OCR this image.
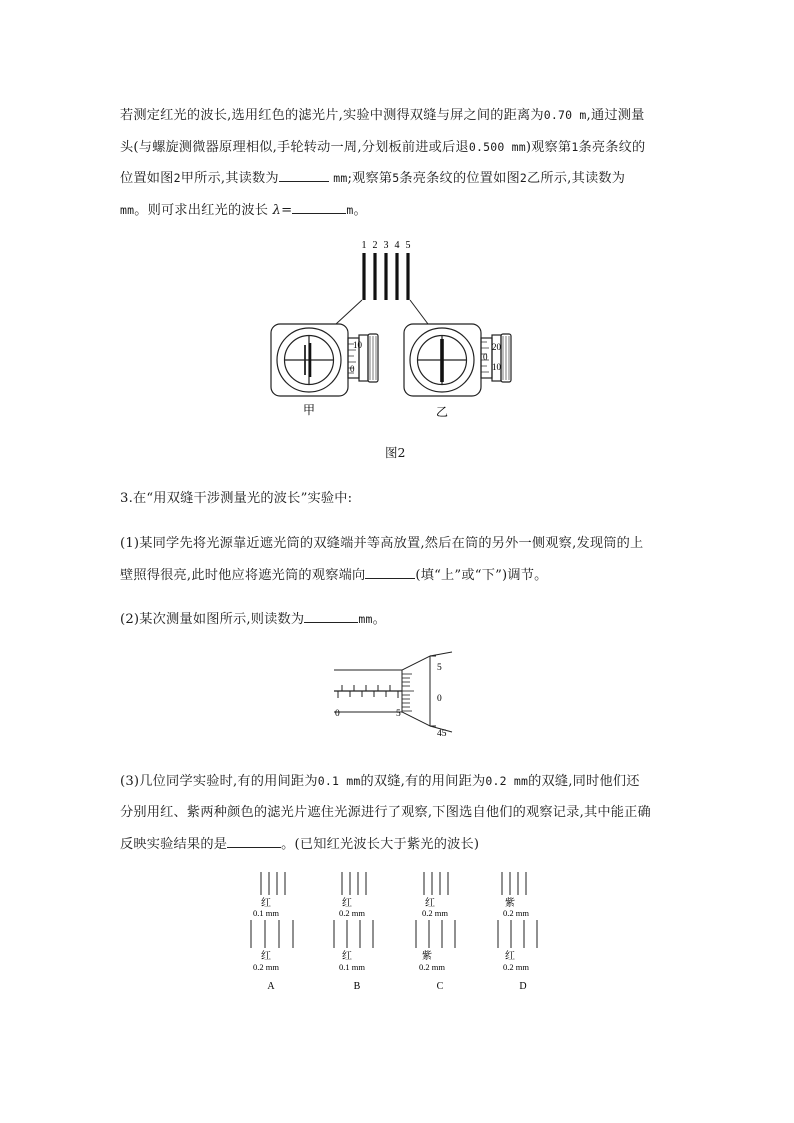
若测定红光的波长,选用红色的滤光片,实验中测得双缝与屏之间的距离为0.70 m,通过测量
头(与螺旋测微器原理相似,手轮转动一周,分划板前进或后退0.500 mm)观察第1条亮条纹的
位置如图2甲所示,其读数为	mm;观察第5条亮条纹的位置如图2乙所示,其读数为
mm。则可求出红光的波长 λ=	m。
1 2 3 4 5
10
0
20
0
10
甲	乙
图2
3.在“用双缝干涉测量光的波长”实验中:
(1)某同学先将光源靠近遮光筒的双缝端并等高放置,然后在筒的另外一侧观察,发现筒的上
壁照得很亮,此时他应将遮光筒的观察端向	(填“上”或“下”)调节。
(2)某次测量如图所示,则读数为	mm。
0	5
5
0
45
(3)几位同学实验时,有的用间距为0.1 mm的双缝,有的用间距为0.2 mm的双缝,同时他们还
分别用红、紫两种颜色的滤光片遮住光源进行了观察,下图选自他们的观察记录,其中能正确
反映实验结果的是	。(已知红光波长大于紫光的波长)
红
0.1 mm
红
0.2 mm
A
红
0.2 mm
红
0.1 mm
B
红
0.2 mm
紫
0.2 mm
C
紫
0.2 mm
红
0.2 mm
D
